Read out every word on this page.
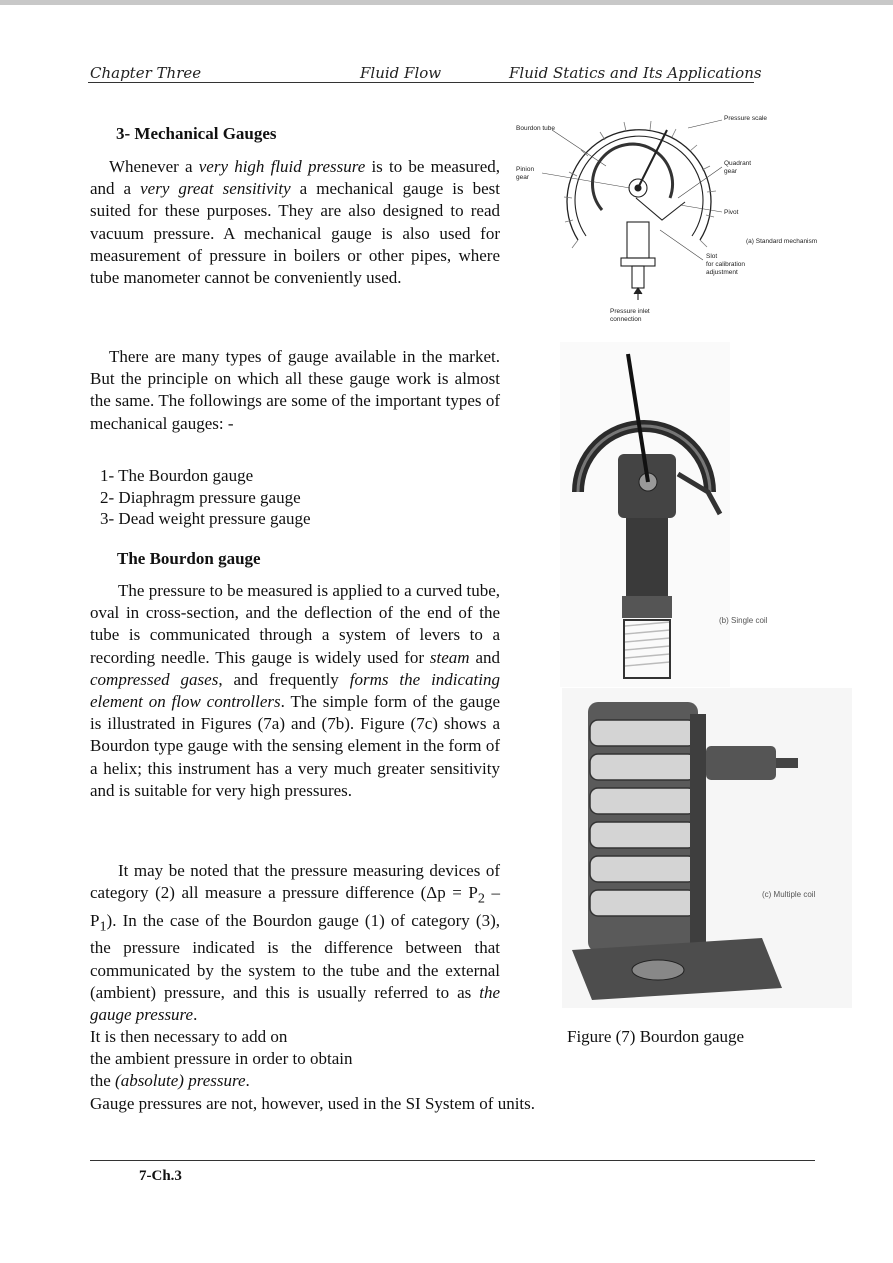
Chapter Three	Fluid Flow	Fluid Statics and Its Applications
3- Mechanical Gauges

Whenever a very high fluid pressure is to be measured, and a very great sensitivity a mechanical gauge is best suited for these purposes. They are also designed to read vacuum pressure. A mechanical gauge is also used for measurement of pressure in boilers or other pipes, where tube manometer cannot be conveniently used.

There are many types of gauge available in the market. But the principle on which all these gauge work is almost the same. The followings are some of the important types of mechanical gauges: -
1- The Bourdon gauge
2- Diaphragm pressure gauge
3- Dead weight pressure gauge
The Bourdon gauge

The pressure to be measured is applied to a curved tube, oval in cross-section, and the deflection of the end of the tube is communicated through a system of levers to a recording needle. This gauge is widely used for steam and compressed gases, and frequently forms the indicating element on flow controllers. The simple form of the gauge is illustrated in Figures (7a) and (7b). Figure (7c) shows a Bourdon type gauge with the sensing element in the form of a helix; this instrument has a very much greater sensitivity and is suitable for very high pressures.

It may be noted that the pressure measuring devices of category (2) all measure a pressure difference $(\Delta p = P_2 - P_1)$. In the case of the Bourdon gauge (1) of category (3), the pressure indicated is the difference between that communicated by the system to the tube and the external (ambient) pressure, and this is usually referred to as the gauge pressure.

It is then necessary to add on
the ambient pressure in order to obtain
the (absolute) pressure.
Gauge pressures are not, however, used in the SI System of units.
Bourdon tube
Pressure scale
Pinion
gear
Quadrant
gear
Pivot
Slot
for calibration
adjustment
Pressure inlet
connection
(a) Standard mechanism
(b) Single coil
(c) Multiple coil
Figure (7) Bourdon gauge
7-Ch.3
